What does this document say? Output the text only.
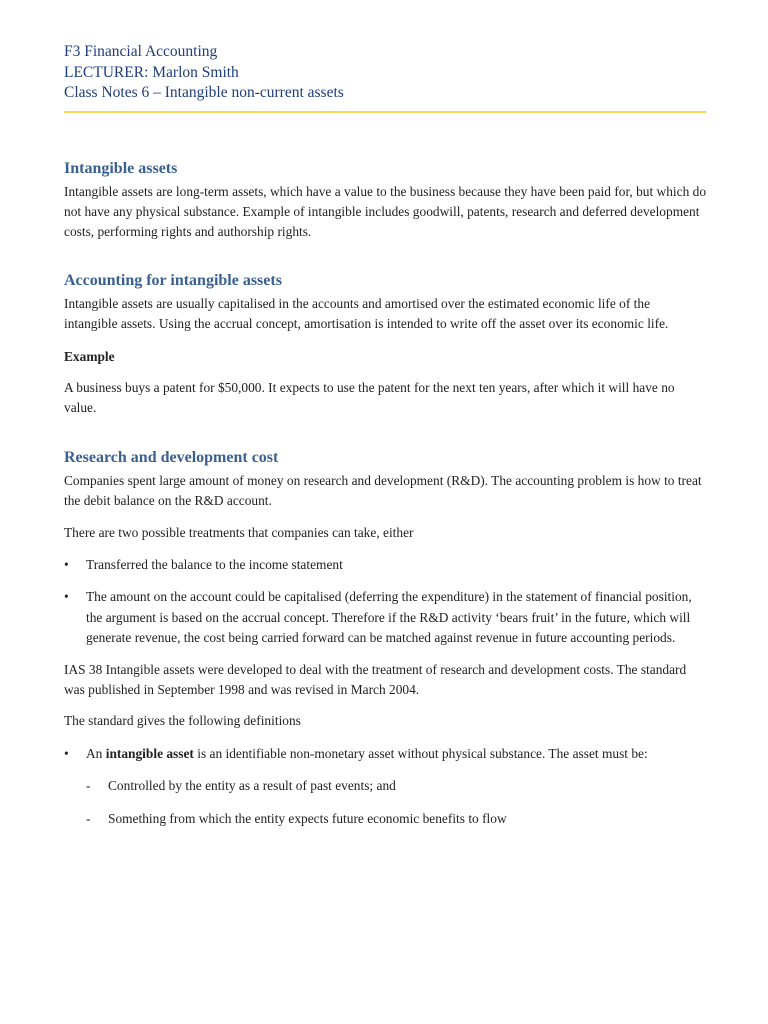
F3 Financial Accounting

LECTURER: Marlon Smith

Class Notes 6 – Intangible non-current assets

Intangible assets

Intangible assets are long-term assets, which have a value to the business because they have been paid for, but which do not have any physical substance. Example of intangible includes goodwill, patents, research and deferred development costs, performing rights and authorship rights.

Accounting for intangible assets

Intangible assets are usually capitalised in the accounts and amortised over the estimated economic life of the intangible assets. Using the accrual concept, amortisation is intended to write off the asset over its economic life.

Example

A business buys a patent for $50,000. It expects to use the patent for the next ten years, after which it will have no value.

Research and development cost

Companies spent large amount of money on research and development (R&D). The accounting problem is how to treat the debit balance on the R&D account.

There are two possible treatments that companies can take, either

• Transferred the balance to the income statement
• The amount on the account could be capitalised (deferring the expenditure) in the statement of financial position, the argument is based on the accrual concept. Therefore if the R&D activity ‘bears fruit’ in the future, which will generate revenue, the cost being carried forward can be matched against revenue in future accounting periods.

IAS 38 Intangible assets were developed to deal with the treatment of research and development costs. The standard was published in September 1998 and was revised in March 2004.

The standard gives the following definitions

• An intangible asset is an identifiable non-monetary asset without physical substance. The asset must be:
- Controlled by the entity as a result of past events; and
- Something from which the entity expects future economic benefits to flow
